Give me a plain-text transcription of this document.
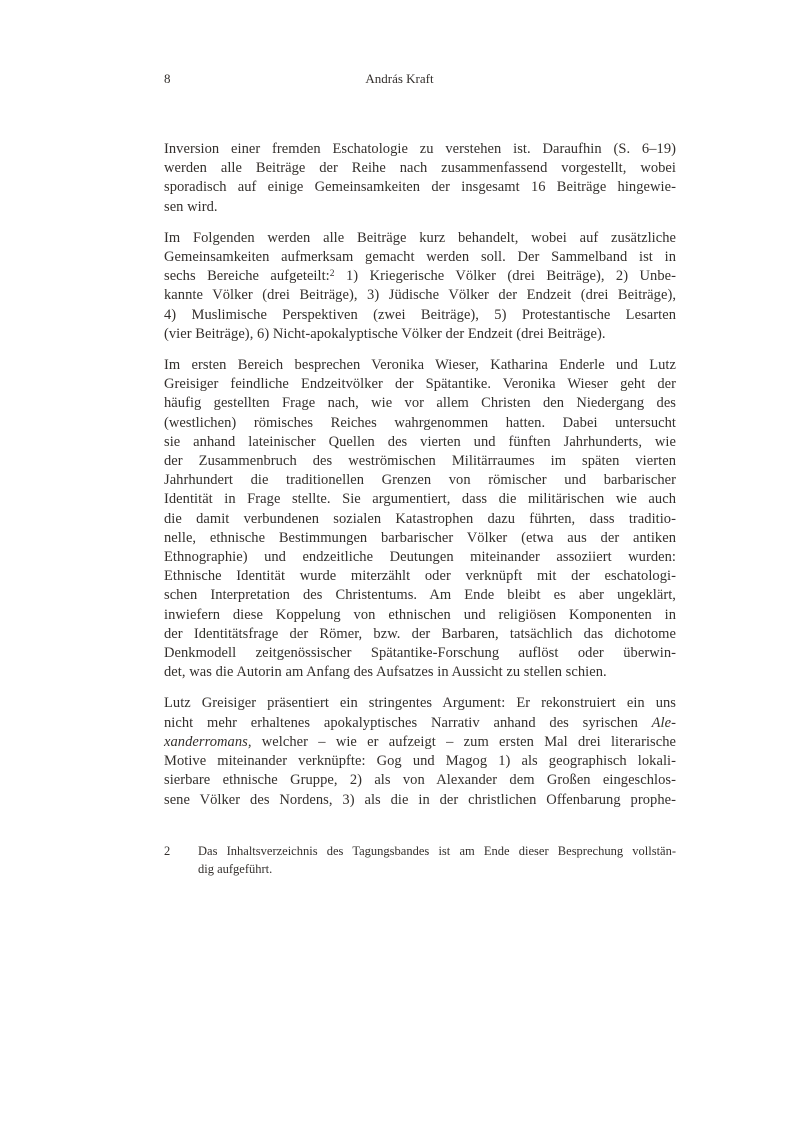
8	András Kraft

Inversion einer fremden Eschatologie zu verstehen ist. Daraufhin (S. 6–19)
werden alle Beiträge der Reihe nach zusammenfassend vorgestellt, wobei
sporadisch auf einige Gemeinsamkeiten der insgesamt 16 Beiträge hingewie-
sen wird.

Im Folgenden werden alle Beiträge kurz behandelt, wobei auf zusätzliche
Gemeinsamkeiten aufmerksam gemacht werden soll. Der Sammelband ist in
sechs Bereiche aufgeteilt:$^2$ 1) Kriegerische Völker (drei Beiträge), 2) Unbe-
kannte Völker (drei Beiträge), 3) Jüdische Völker der Endzeit (drei Beiträge),
4) Muslimische Perspektiven (zwei Beiträge), 5) Protestantische Lesarten
(vier Beiträge), 6) Nicht-apokalyptische Völker der Endzeit (drei Beiträge).

Im ersten Bereich besprechen Veronika Wieser, Katharina Enderle und Lutz
Greisiger feindliche Endzeitvölker der Spätantike. Veronika Wieser geht der
häufig gestellten Frage nach, wie vor allem Christen den Niedergang des
(westlichen) römisches Reiches wahrgenommen hatten. Dabei untersucht
sie anhand lateinischer Quellen des vierten und fünften Jahrhunderts, wie
der Zusammenbruch des weströmischen Militärraumes im späten vierten
Jahrhundert die traditionellen Grenzen von römischer und barbarischer
Identität in Frage stellte. Sie argumentiert, dass die militärischen wie auch
die damit verbundenen sozialen Katastrophen dazu führten, dass traditio-
nelle, ethnische Bestimmungen barbarischer Völker (etwa aus der antiken
Ethnographie) und endzeitliche Deutungen miteinander assoziiert wurden:
Ethnische Identität wurde miterzählt oder verknüpft mit der eschatologi-
schen Interpretation des Christentums. Am Ende bleibt es aber ungeklärt,
inwiefern diese Koppelung von ethnischen und religiösen Komponenten in
der Identitätsfrage der Römer, bzw. der Barbaren, tatsächlich das dichotome
Denkmodell zeitgenössischer Spätantike-Forschung auflöst oder überwin-
det, was die Autorin am Anfang des Aufsatzes in Aussicht zu stellen schien.

Lutz Greisiger präsentiert ein stringentes Argument: Er rekonstruiert ein uns
nicht mehr erhaltenes apokalyptisches Narrativ anhand des syrischen Ale-
xanderromans, welcher – wie er aufzeigt – zum ersten Mal drei literarische
Motive miteinander verknüpfte: Gog und Magog 1) als geographisch lokali-
sierbare ethnische Gruppe, 2) als von Alexander dem Großen eingeschlos-
sene Völker des Nordens, 3) als die in der christlichen Offenbarung prophe-

2 Das Inhaltsverzeichnis des Tagungsbandes ist am Ende dieser Besprechung vollstän-
dig aufgeführt.
